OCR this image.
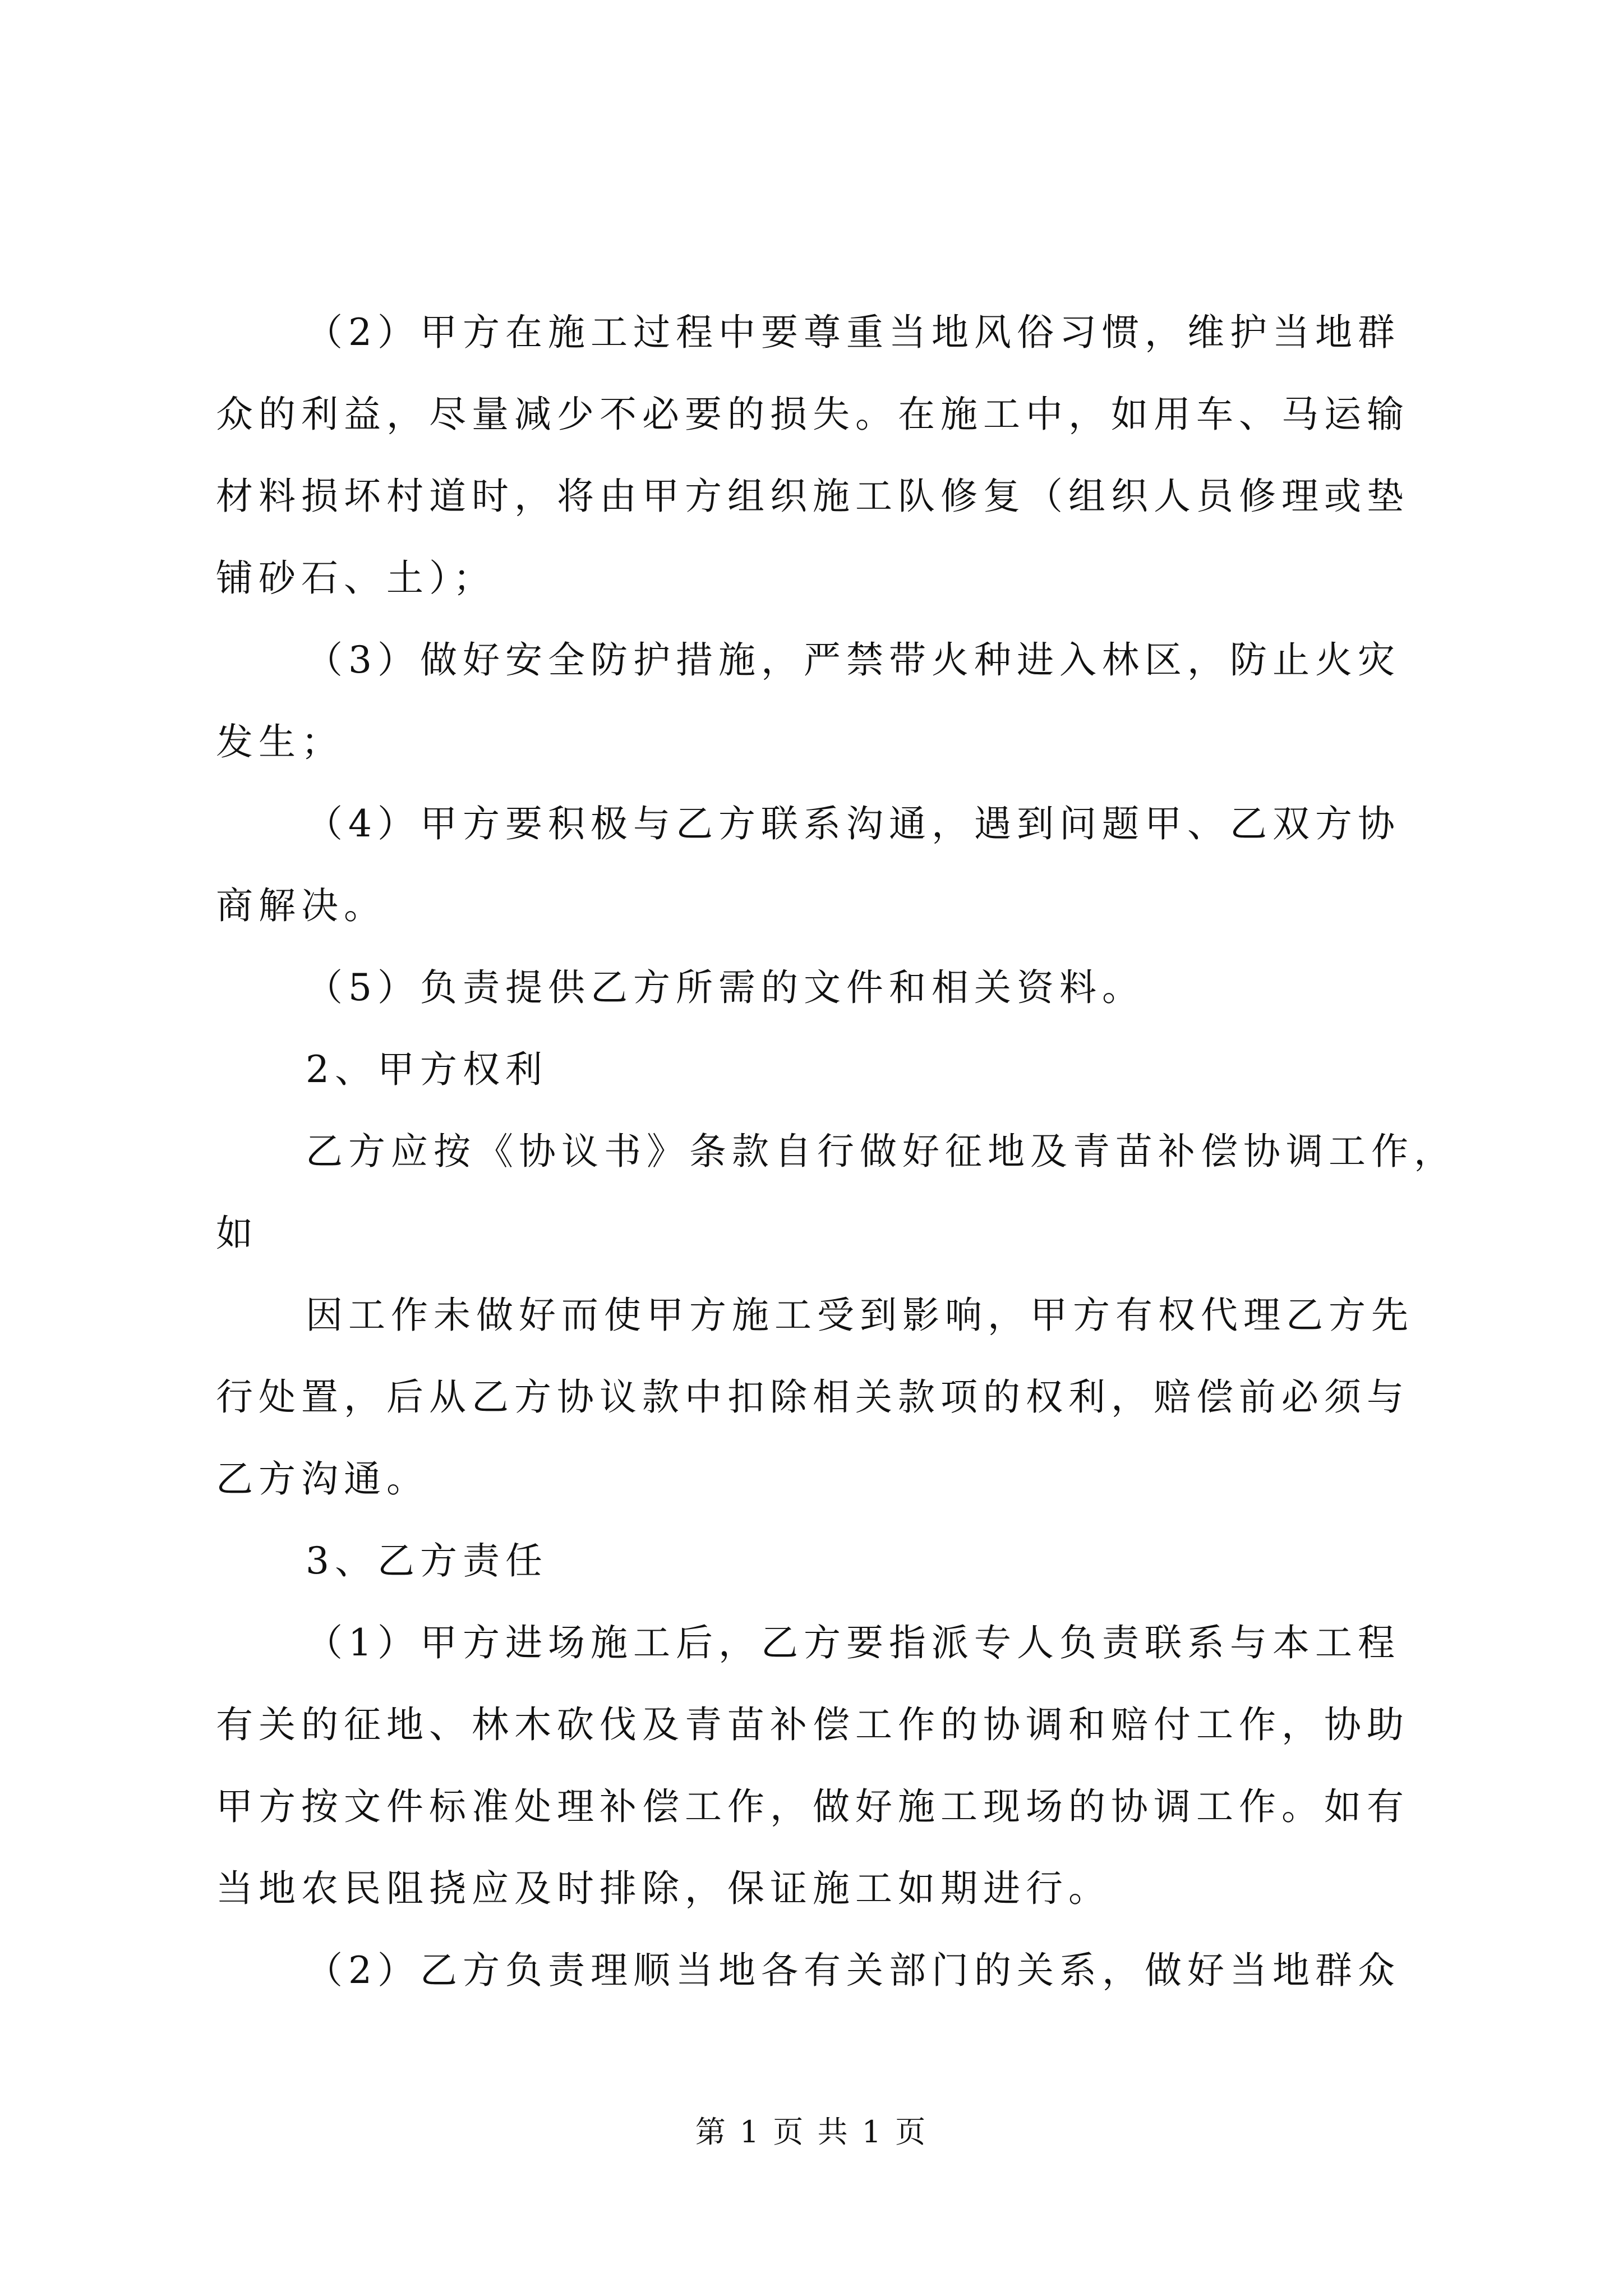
（2）甲方在施工过程中要尊重当地风俗习惯，维护当地群
众的利益，尽量减少不必要的损失。在施工中，如用车、马运输
材料损坏村道时，将由甲方组织施工队修复（组织人员修理或垫
铺砂石、土）；
（3）做好安全防护措施，严禁带火种进入林区，防止火灾
发生；
（4）甲方要积极与乙方联系沟通，遇到问题甲、乙双方协
商解决。
（5）负责提供乙方所需的文件和相关资料。
2、甲方权利
乙方应按《协议书》条款自行做好征地及青苗补偿协调工作，
如
因工作未做好而使甲方施工受到影响，甲方有权代理乙方先
行处置，后从乙方协议款中扣除相关款项的权利，赔偿前必须与
乙方沟通。
3、乙方责任
（1）甲方进场施工后，乙方要指派专人负责联系与本工程
有关的征地、林木砍伐及青苗补偿工作的协调和赔付工作，协助
甲方按文件标准处理补偿工作，做好施工现场的协调工作。如有
当地农民阻挠应及时排除，保证施工如期进行。
（2）乙方负责理顺当地各有关部门的关系，做好当地群众
第 1 页 共 1 页
